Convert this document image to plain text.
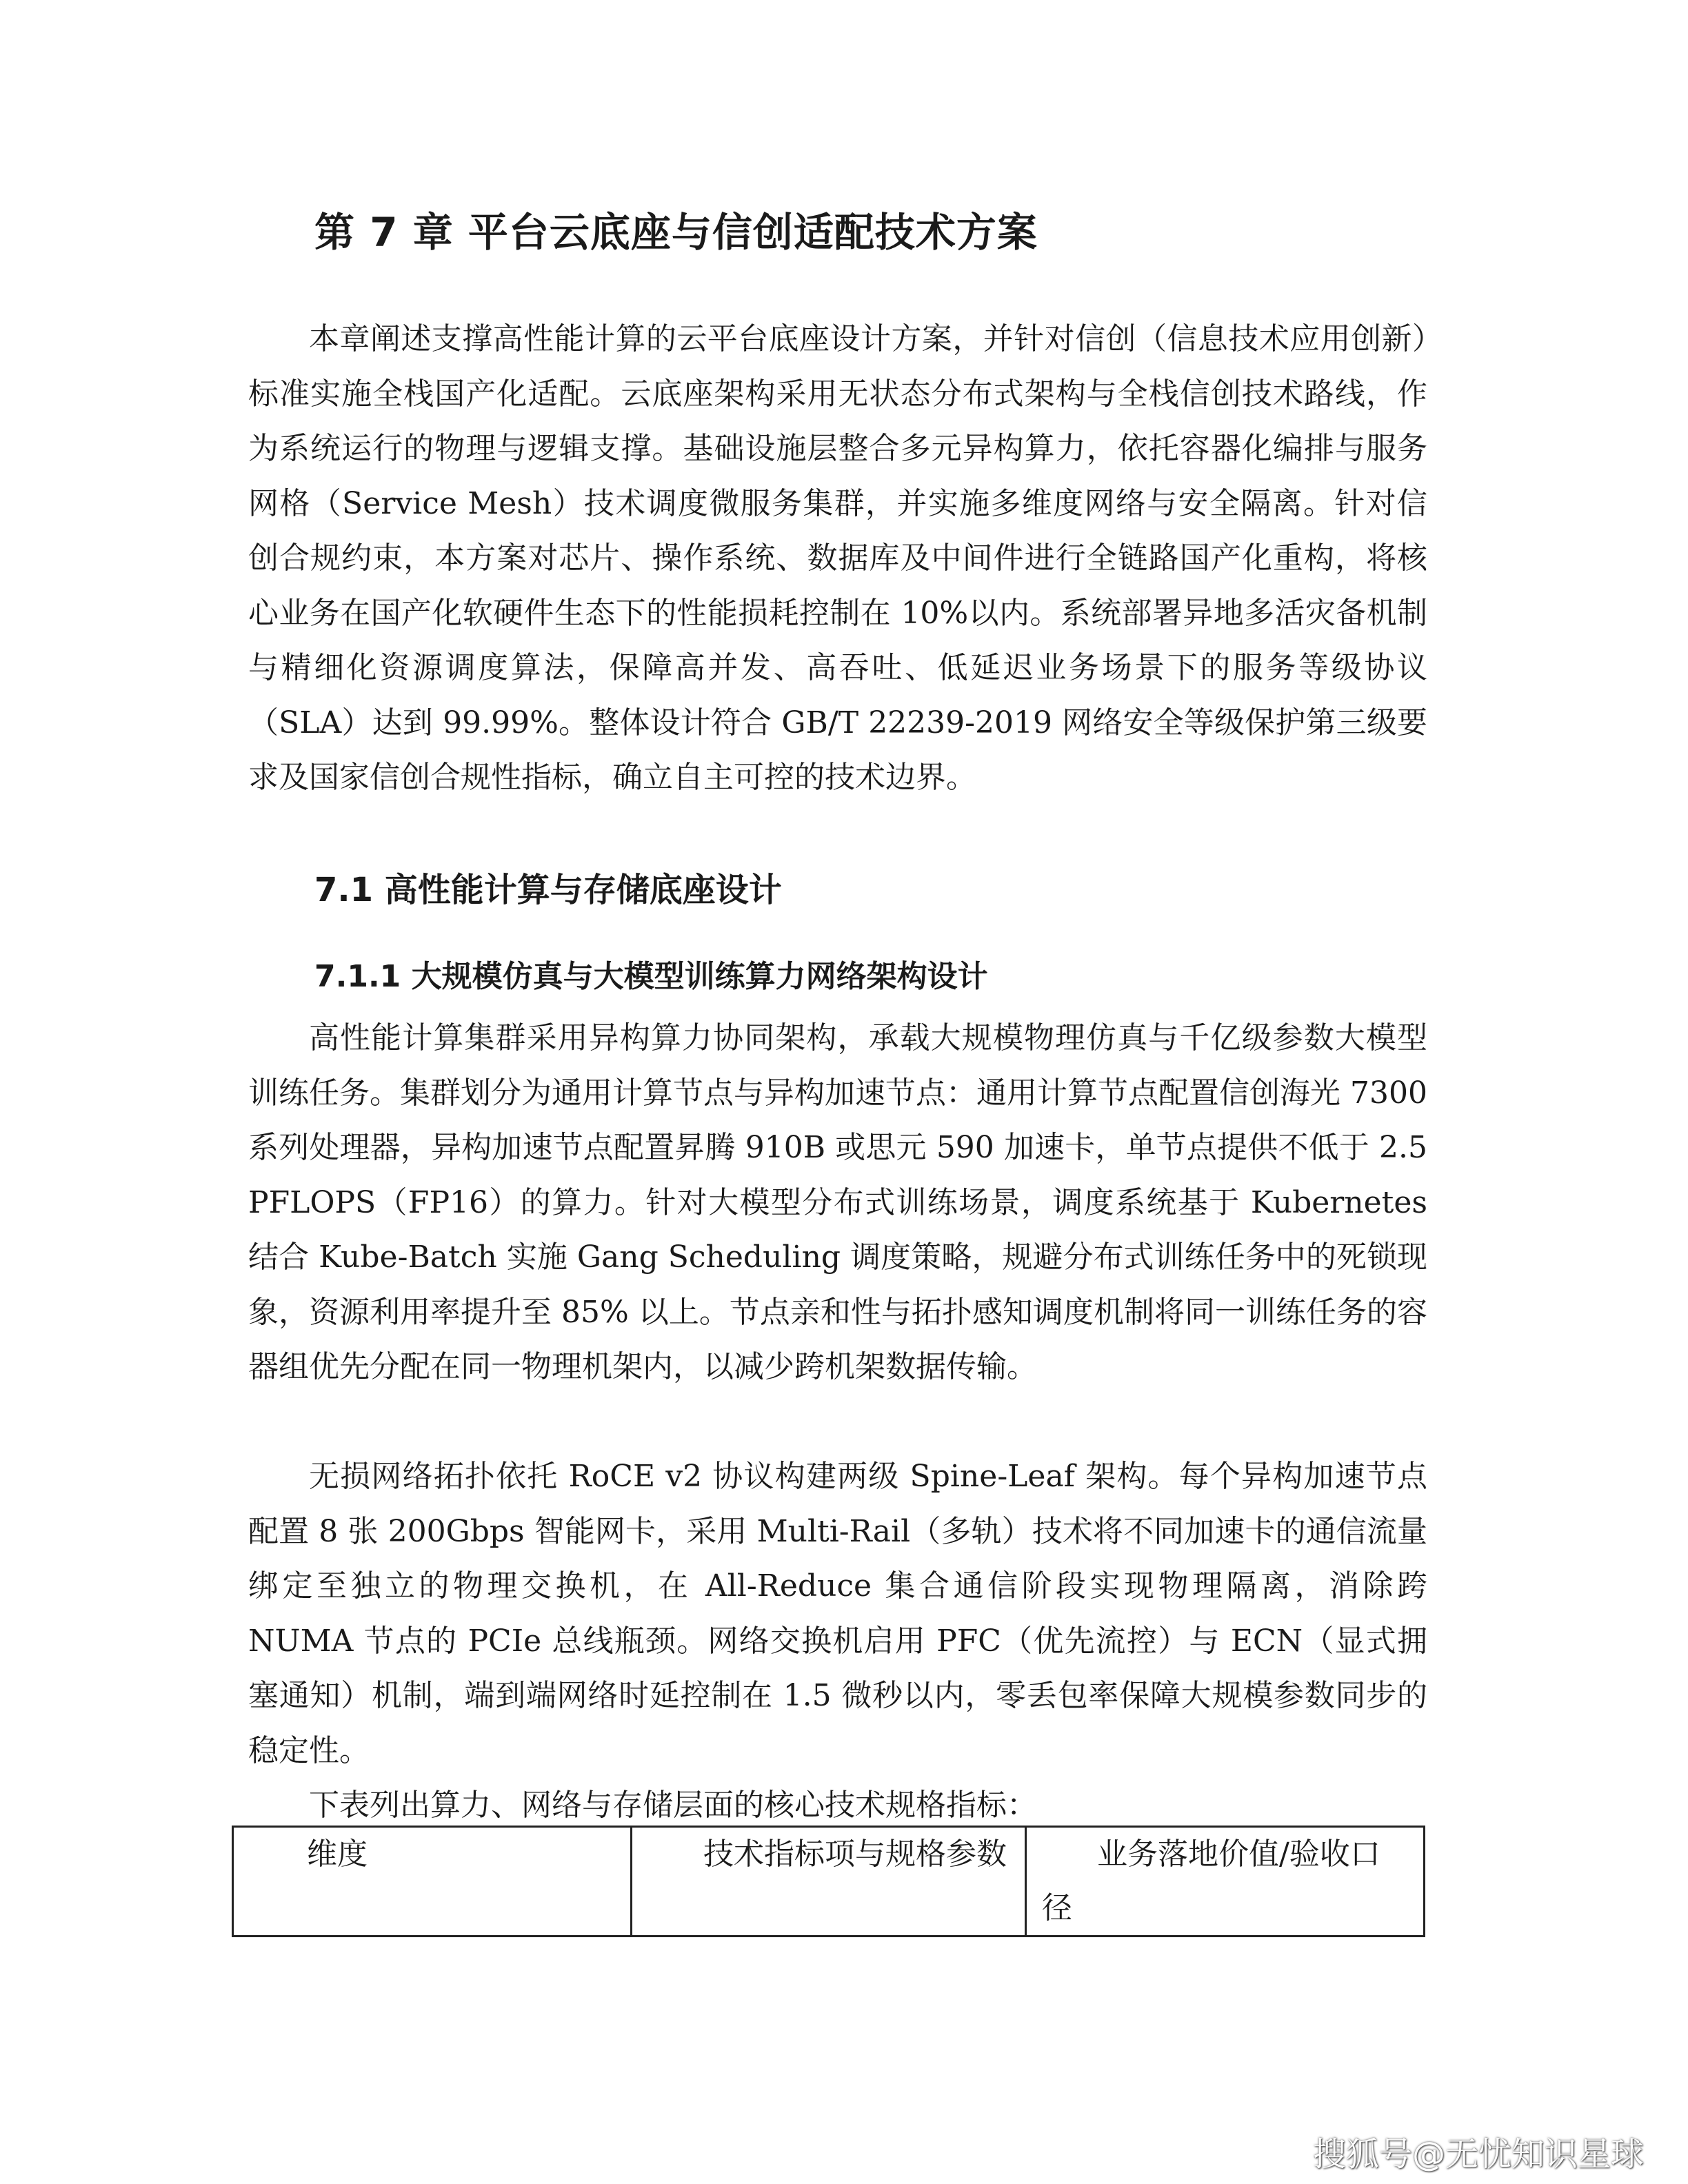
第 7 章 平台云底座与信创适配技术方案

本章阐述支撑高性能计算的云平台底座设计方案，并针对信创（信息技术应用创新）标准实施全栈国产化适配。云底座架构采用无状态分布式架构与全栈信创技术路线，作为系统运行的物理与逻辑支撑。基础设施层整合多元异构算力，依托容器化编排与服务网格（Service Mesh）技术调度微服务集群，并实施多维度网络与安全隔离。针对信创合规约束，本方案对芯片、操作系统、数据库及中间件进行全链路国产化重构，将核心业务在国产化软硬件生态下的性能损耗控制在 10%以内。系统部署异地多活灾备机制与精细化资源调度算法，保障高并发、高吞吐、低延迟业务场景下的服务等级协议（SLA）达到 99.99%。整体设计符合 GB/T 22239-2019 网络安全等级保护第三级要求及国家信创合规性指标，确立自主可控的技术边界。

7.1 高性能计算与存储底座设计
7.1.1 大规模仿真与大模型训练算力网络架构设计

高性能计算集群采用异构算力协同架构，承载大规模物理仿真与千亿级参数大模型训练任务。集群划分为通用计算节点与异构加速节点：通用计算节点配置信创海光 7300 系列处理器，异构加速节点配置昇腾 910B 或思元 590 加速卡，单节点提供不低于 2.5 PFLOPS（FP16）的算力。针对大模型分布式训练场景，调度系统基于 Kubernetes 结合 Kube-Batch 实施 Gang Scheduling 调度策略，规避分布式训练任务中的死锁现象，资源利用率提升至 85% 以上。节点亲和性与拓扑感知调度机制将同一训练任务的容器组优先分配在同一物理机架内，以减少跨机架数据传输。

无损网络拓扑依托 RoCE v2 协议构建两级 Spine-Leaf 架构。每个异构加速节点配置 8 张 200Gbps 智能网卡，采用 Multi-Rail（多轨）技术将不同加速卡的通信流量绑定至独立的物理交换机，在 All-Reduce 集合通信阶段实现物理隔离，消除跨 NUMA 节点的 PCIe 总线瓶颈。网络交换机启用 PFC（优先流控）与 ECN（显式拥塞通知）机制，端到端网络时延控制在 1.5 微秒以内，零丢包率保障大规模参数同步的稳定性。

下表列出算力、网络与存储层面的核心技术规格指标：

维度	技术指标项与规格参数	业务落地价值/验收口
径
搜狐号@无忧知识星球
